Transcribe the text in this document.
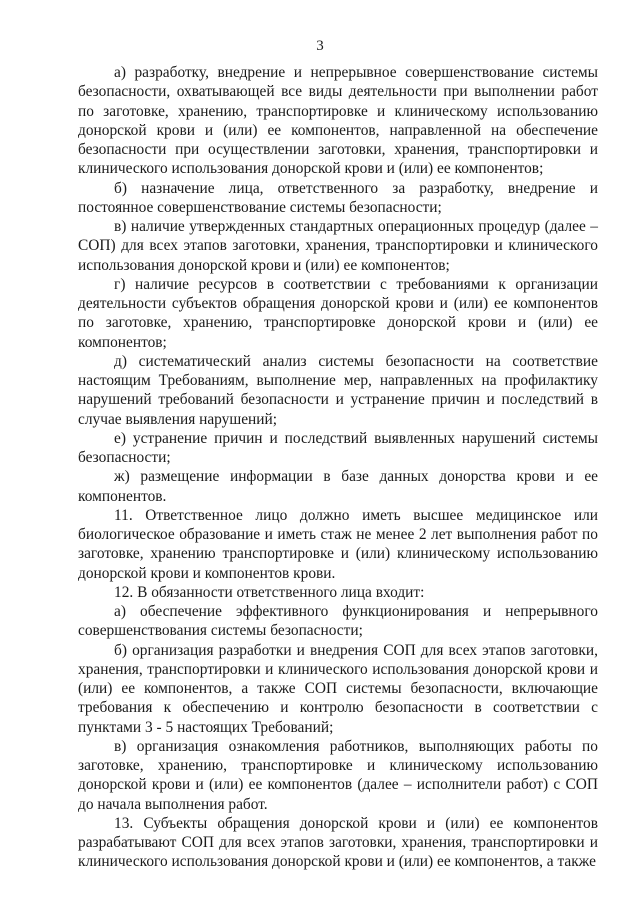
3

а) разработку, внедрение и непрерывное совершенствование системы безопасности, охватывающей все виды деятельности при выполнении работ по заготовке, хранению, транспортировке и клиническому использованию донорской крови и (или) ее компонентов, направленной на обеспечение безопасности при осуществлении заготовки, хранения, транспортировки и клинического использования донорской крови и (или) ее компонентов;

б) назначение лица, ответственного за разработку, внедрение и постоянное совершенствование системы безопасности;

в) наличие утвержденных стандартных операционных процедур (далее – СОП) для всех этапов заготовки, хранения, транспортировки и клинического использования донорской крови и (или) ее компонентов;

г) наличие ресурсов в соответствии с требованиями к организации деятельности субъектов обращения донорской крови и (или) ее компонентов по заготовке, хранению, транспортировке донорской крови и (или) ее компонентов;

д) систематический анализ системы безопасности на соответствие настоящим Требованиям, выполнение мер, направленных на профилактику нарушений требований безопасности и устранение причин и последствий в случае выявления нарушений;

е) устранение причин и последствий выявленных нарушений системы безопасности;

ж) размещение информации в базе данных донорства крови и ее компонентов.

11. Ответственное лицо должно иметь высшее медицинское или биологическое образование и иметь стаж не менее 2 лет выполнения работ по заготовке, хранению транспортировке и (или) клиническому использованию донорской крови и компонентов крови.

12. В обязанности ответственного лица входит:

а) обеспечение эффективного функционирования и непрерывного совершенствования системы безопасности;

б) организация разработки и внедрения СОП для всех этапов заготовки, хранения, транспортировки и клинического использования донорской крови и (или) ее компонентов, а также СОП системы безопасности, включающие требования к обеспечению и контролю безопасности в соответствии с пунктами 3 - 5 настоящих Требований;

в) организация ознакомления работников, выполняющих работы по заготовке, хранению, транспортировке и клиническому использованию донорской крови и (или) ее компонентов (далее – исполнители работ) с СОП до начала выполнения работ.

13. Субъекты обращения донорской крови и (или) ее компонентов разрабатывают СОП для всех этапов заготовки, хранения, транспортировки и клинического использования донорской крови и (или) ее компонентов, а также
